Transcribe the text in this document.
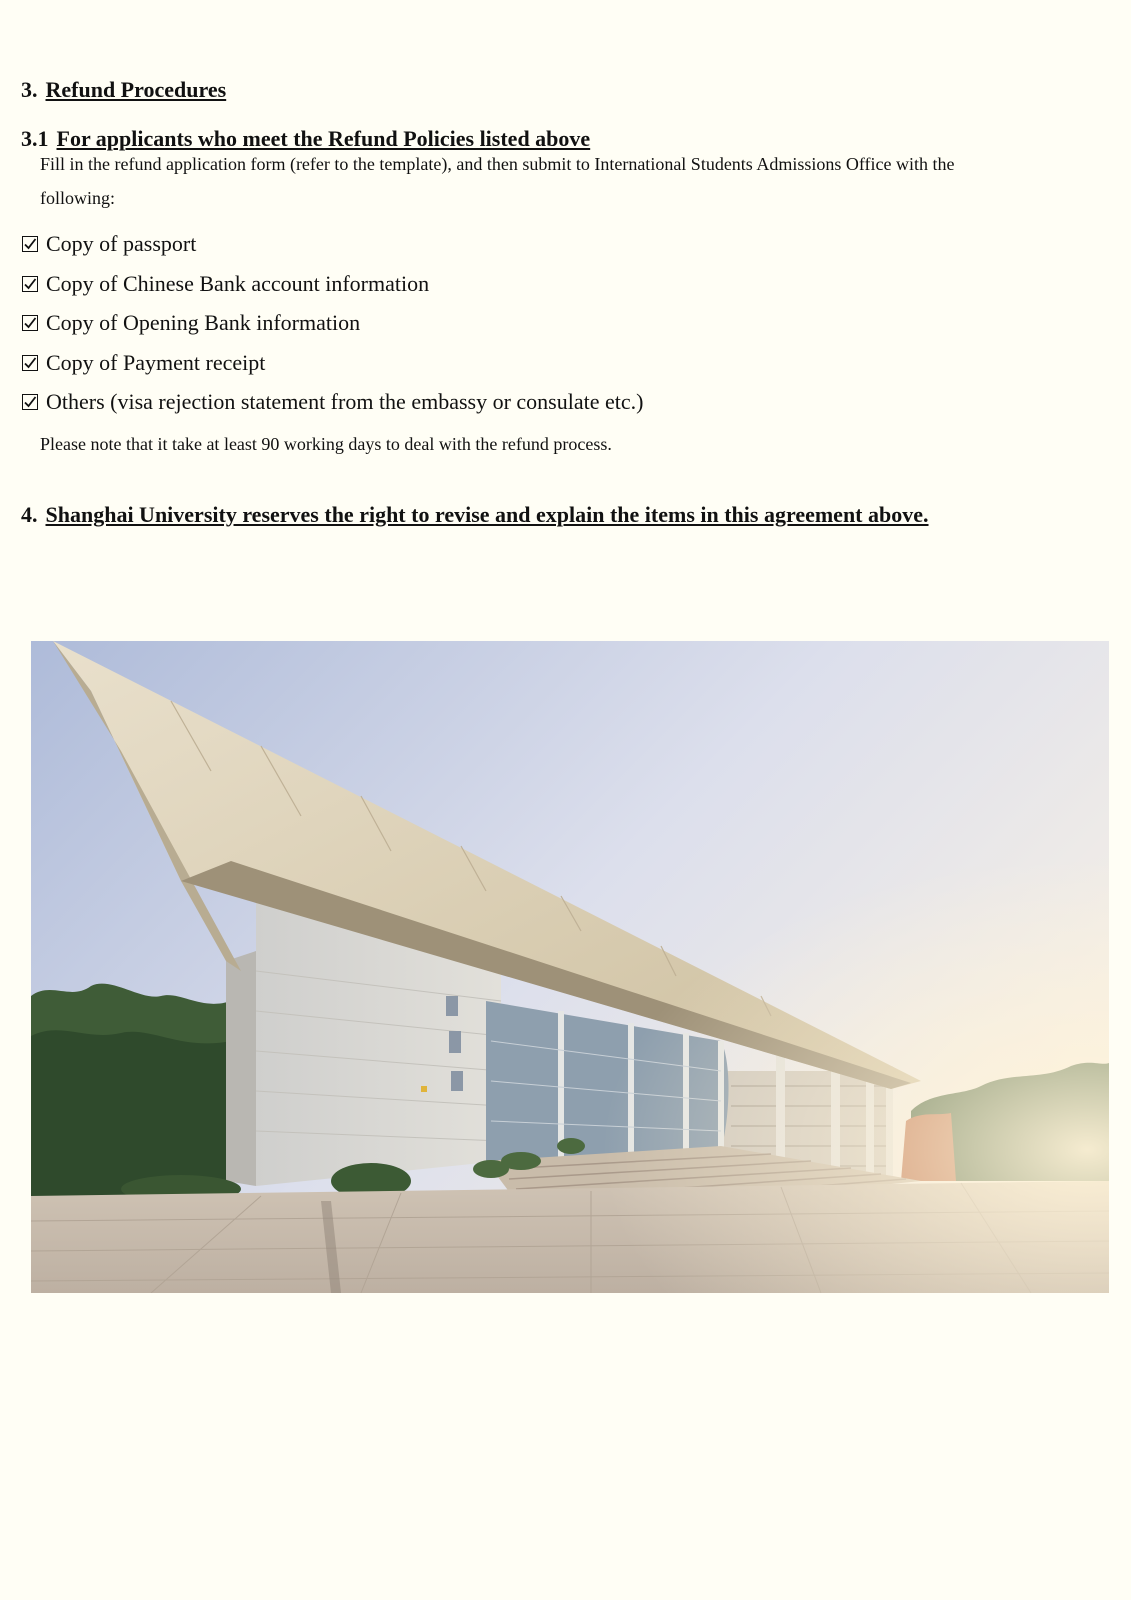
3. Refund Procedures
3.1 For applicants who meet the Refund Policies listed above
Fill in the refund application form (refer to the template), and then submit to International Students Admissions Office with the
following:
Copy of passport
Copy of Chinese Bank account information
Copy of Opening Bank information
Copy of Payment receipt
Others (visa rejection statement from the embassy or consulate etc.)
Please note that it take at least 90 working days to deal with the refund process.
4. Shanghai University reserves the right to revise and explain the items in this agreement above.
